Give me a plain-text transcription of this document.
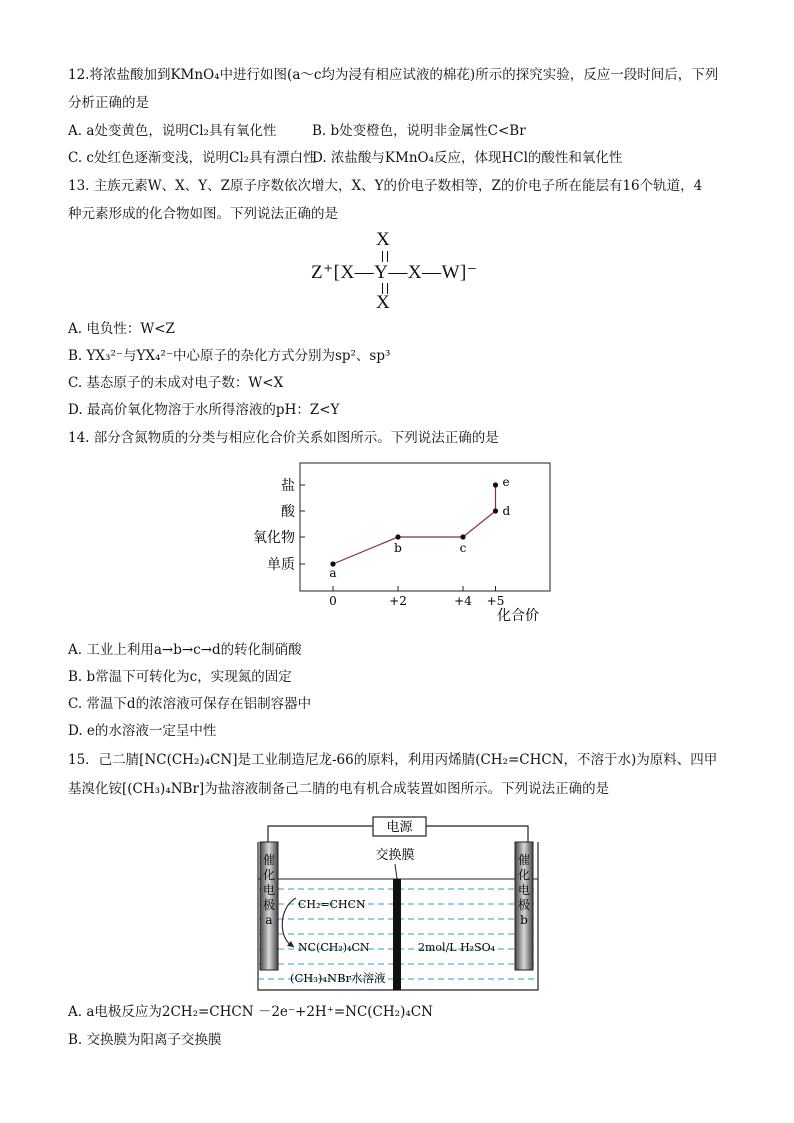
12.将浓盐酸加到KMnO₄中进行如图(a～c均为浸有相应试液的棉花)所示的探究实验，反应一段时间后，下列
分析正确的是
A. a处变黄色，说明Cl₂具有氧化性	B. b处变橙色，说明非金属性C<Br
C. c处红色逐渐变浅，说明Cl₂具有漂白性
D. 浓盐酸与KMnO₄反应，体现HCl的酸性和氧化性
13. 主族元素W、X、Y、Z原子序数依次增大，X、Y的价电子数相等，Z的价电子所在能层有16个轨道，4
种元素形成的化合物如图。下列说法正确的是
X
Z⁺[X—Y—X—W]⁻
X
A. 电负性：W<Z
B. YX₃²⁻与YX₄²⁻中心原子的杂化方式分别为sp²、sp³
C. 基态原子的未成对电子数：W<X
D. 最高价氧化物溶于水所得溶液的pH：Z<Y
14. 部分含氮物质的分类与相应化合价关系如图所示。下列说法正确的是
单质
氧化物
酸
盐
0	+2	+4 +5
a
b	c
d
e
化合价
A. 工业上利用a→b→c→d的转化制硝酸
B. b常温下可转化为c，实现氮的固定
C. 常温下d的浓溶液可保存在铝制容器中
D. e的水溶液一定呈中性
15．己二腈[NC(CH₂)₄CN]是工业制造尼龙-66的原料，利用丙烯腈(CH₂=CHCN，不溶于水)为原料、四甲
基溴化铵[(CH₃)₄NBr]为盐溶液制备己二腈的电有机合成装置如图所示。下列说法正确的是
电源
交换膜
催
化
电
极
a
催
化
电
极
b
CH₂=CHCN
NC(CH₂)₄CN
(CH₃)₄NBr水溶液
2mol/L H₂SO₄
A. a电极反应为2CH₂=CHCN －2e⁻+2H⁺=NC(CH₂)₄CN
B. 交换膜为阳离子交换膜
